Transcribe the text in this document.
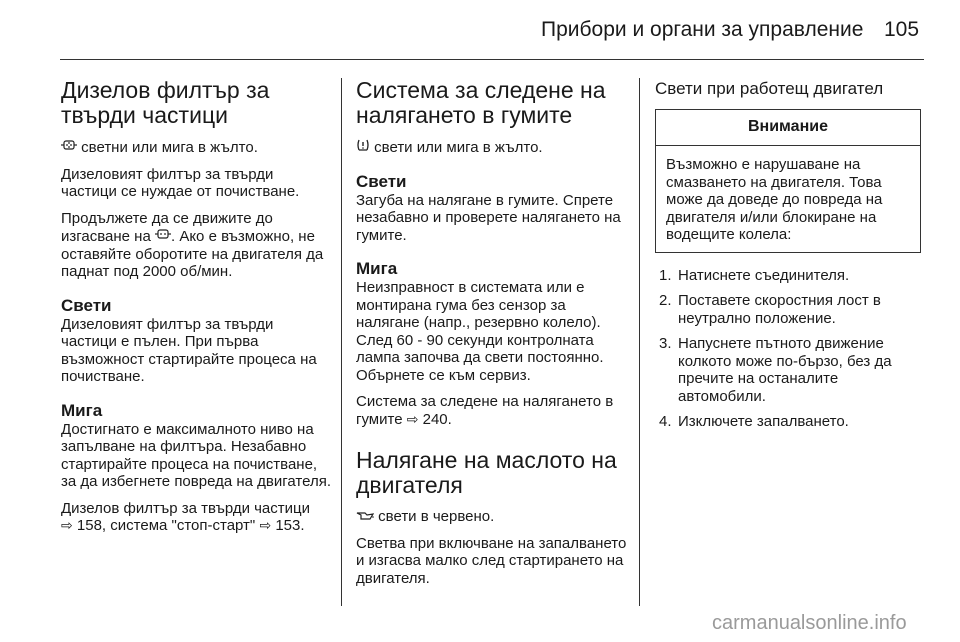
Прибори и органи за управление 105
Дизелов филтър за твърди частици

светни или мига в жълто.

Дизеловият филтър за твърди частици се нуждае от почистване.

Продължете да се движите до изгасване на . Ако е възможно, не оставяйте оборотите на двигателя да паднат под 2000 об/мин.

Свети

Дизеловият филтър за твърди частици е пълен. При първа възможност стартирайте процеса на почистване.

Мига

Достигнато е максималното ниво на запълване на филтъра. Незабавно стартирайте процеса на почистване, за да избегнете повреда на двигателя.

Дизелов филтър за твърди частици
⇨ 158, система "стоп-старт" ⇨ 153.

Система за следене на налягането в гумите

свети или мига в жълто.

Свети

Загуба на налягане в гумите. Спрете незабавно и проверете налягането на гумите.

Мига

Неизправност в системата или е монтирана гума без сензор за налягане (напр., резервно колело). След 60 - 90 секунди контролната лампа започва да свети постоянно. Обърнете се към сервиз.

Система за следене на налягането в гумите ⇨ 240.

Налягане на маслото на двигателя

свети в червено.

Светва при включване на запалването и изгасва малко след стартирането на двигателя.

Свети при работещ двигател
Внимание
Възможно е нарушаване на смазването на двигателя. Това може да доведе до повреда на двигателя и/или блокиране на водещите колела:
1. Натиснете съединителя.
2. Поставете скоростния лост в неутрално положение.
3. Напуснете пътното движение колкото може по-бързо, без да пречите на останалите автомобили.
4. Изключете запалването.
carmanualsonline.info
